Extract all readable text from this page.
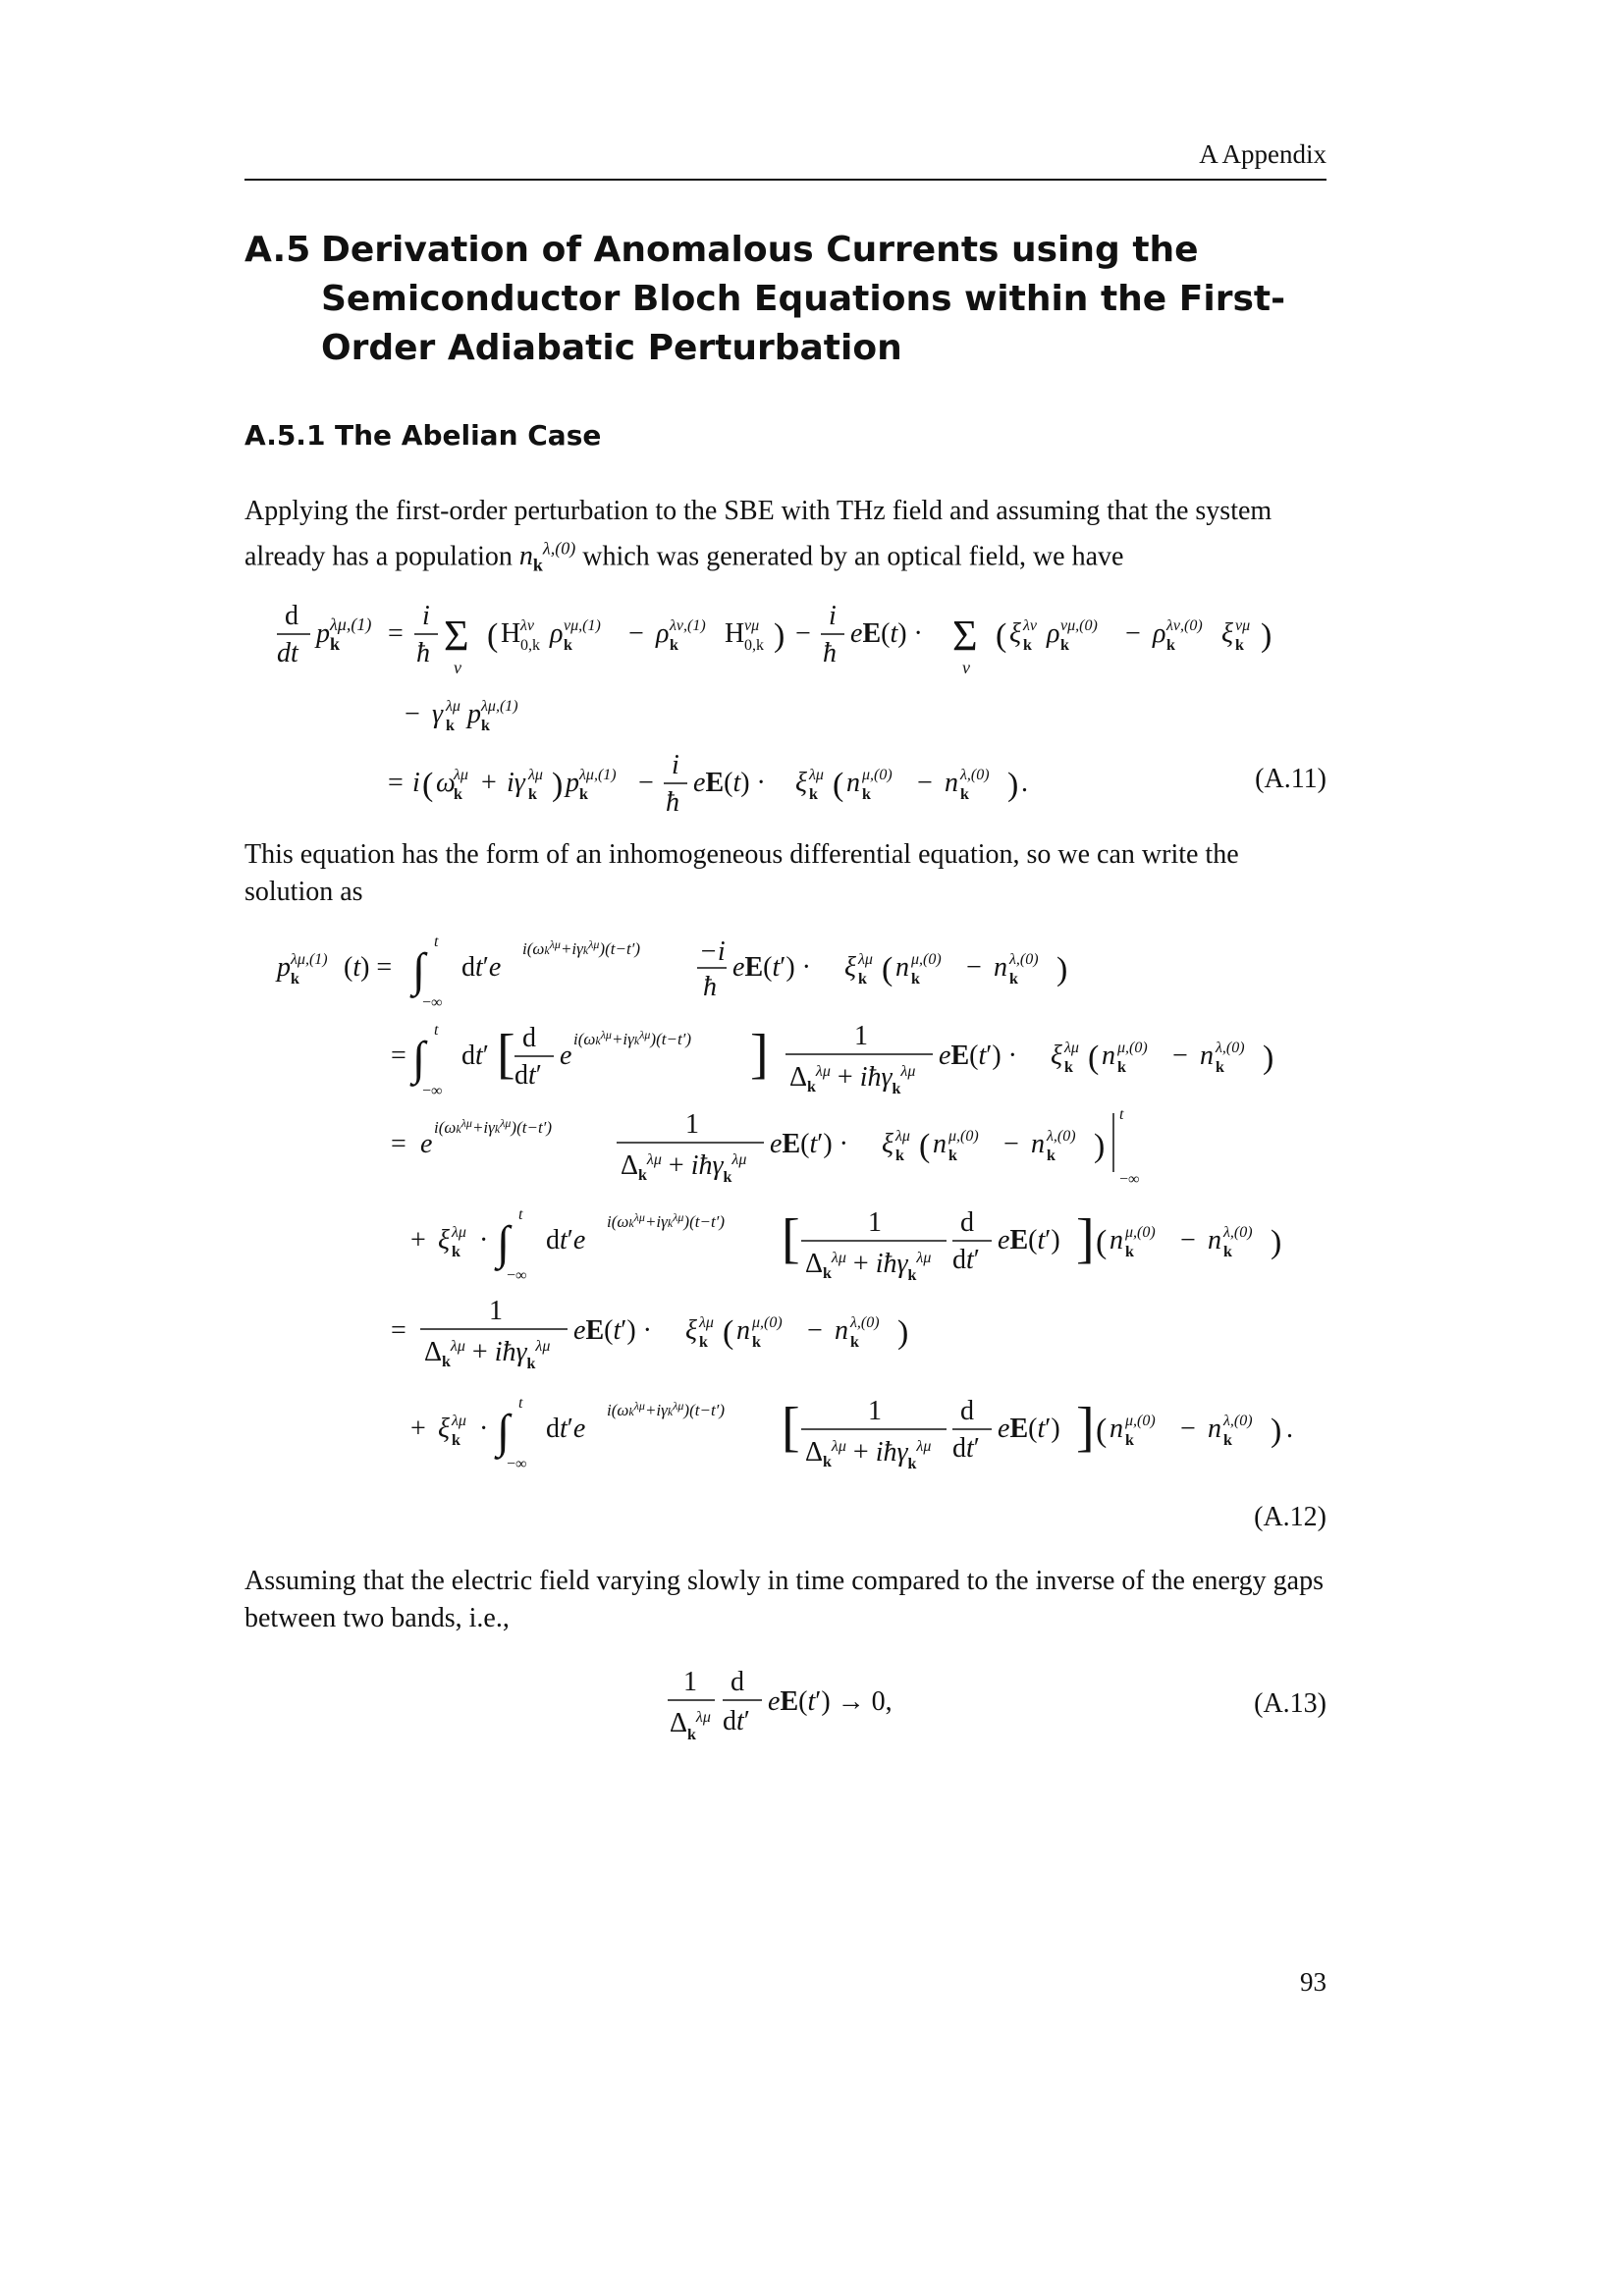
A Appendix
A.5 Derivation of Anomalous Currents using the Semiconductor Bloch Equations within the First-Order Adiabatic Perturbation
A.5.1 The Abelian Case

Applying the first-order perturbation to the SBE with THz field and assuming that the system already has a population $n_k^{\lambda,(0)}$ which was generated by an optical field, we have

d
dt
p k
λμ,(1) =
i
ħ Σ
ν
( H 0,k
λν ρ k
νμ,(1) − ρ k
λν,(1) H 0,k
νμ ) −
i
ħ
eE(t) · Σ
ν
( ξ k
λν ρ k
νμ,(0) − ρ k
λν,(0) ξ k
νμ )
− γ k
λμ p k
λμ,(1)
= i ( ω
k
λμ + iγ k
λμ ) p k
λμ,(1) −
i
ħ
eE(t) · ξ k
λμ ( n k
μ,(0) − n k
λ,(0) ) .	(A.11)

This equation has the form of an inhomogeneous differential equation, so we can write the solution as

p k
λμ,(1) (t) = ∫
t
−∞
dt′e
$i(\omega k^{\lambda\mu}+i\gamma k^{\lambda\mu})(t-t') -i$
ħ
eE(t′) · ξ k
λμ ( n k
μ,(0) − n k
λ,(0) )
= ∫
t
−∞
dt′ [ d
dt′
e
$i(\omega k^{\lambda\mu}+i\gamma k^{\lambda\mu})(t-t')$ ]	1
$\Delta_k^{\lambda\mu}$ + iħγ$_k^{\lambda\mu}$
eE(t′) · ξ k
λμ ( n k
μ,(0) − n k
λ,(0) )
= e
$i(\omega k^{\lambda\mu}+i\gamma k^{\lambda\mu})(t-t')$	1
$\Delta_k^{\lambda\mu}$ + iħγ$_k^{\lambda\mu}$
eE(t′) · ξ k
λμ ( n k
μ,(0) − n k
λ,(0) )
t
−∞
+ ξ k
λμ · ∫
t
−∞
dt′e
$i(\omega k^{\lambda\mu}+i\gamma k^{\lambda\mu})(t-t')$ [ 1
$\Delta_k^{\lambda\mu}$ + iħγ$_k^{\lambda\mu}$
d
dt′
eE(t′) ] ( n k
μ,(0) − n k
λ,(0) )
=
1
$\Delta_k^{\lambda\mu}$ + iħγ$_k^{\lambda\mu}$
eE(t′) · ξ k
λμ ( n k
μ,(0) − n k
λ,(0) )
+ ξ k
λμ · ∫
t
−∞
dt′e
$i(\omega k^{\lambda\mu}+i\gamma k^{\lambda\mu})(t-t')$ [ 1
$\Delta_k^{\lambda\mu}$ + iħγ$_k^{\lambda\mu}$
d
dt′
eE(t′) ] ( n k
μ,(0) − n k
λ,(0) ) .
(A.12)

Assuming that the electric field varying slowly in time compared to the inverse of the energy gaps between two bands, i.e.,

1
$\Delta_k^{\lambda\mu}$
d
dt′
eE(t′) → 0,	(A.13)
93
